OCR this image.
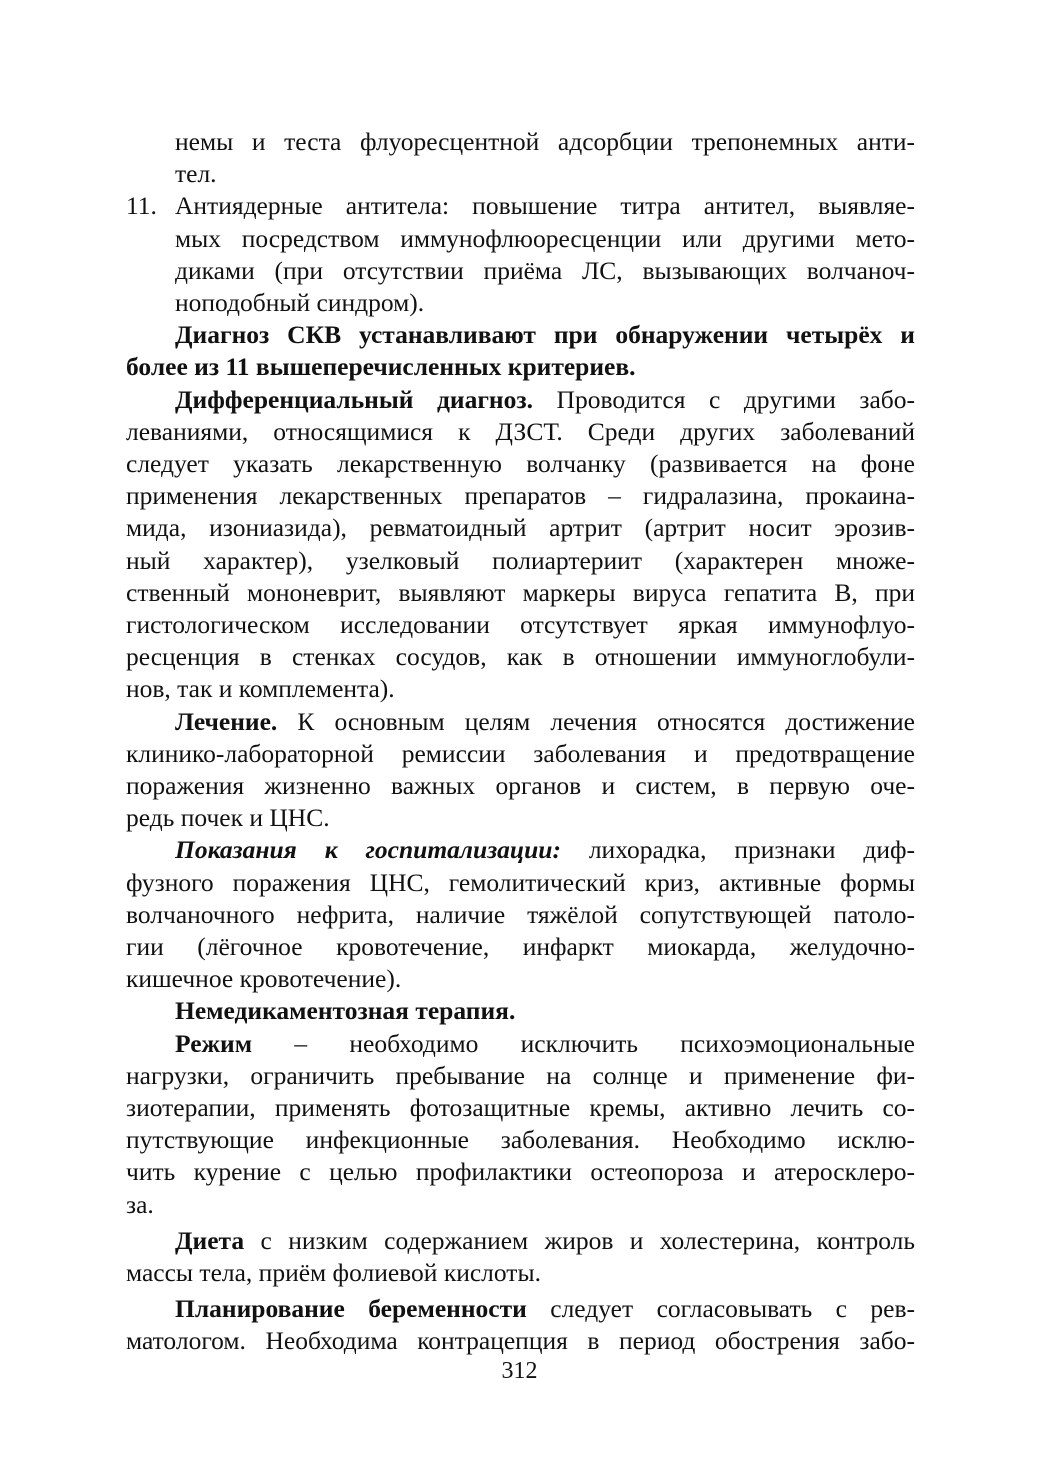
немы и теста флуоресцентной адсорбции трепонемных анти-
тел.
11. Антиядерные антитела: повышение титра антител, выявляе-
мых посредством иммунофлюоресценции или другими мето-
диками (при отсутствии приёма ЛС, вызывающих волчаноч-
ноподобный синдром).
Диагноз СКВ устанавливают при обнаружении четырёх и
более из 11 вышеперечисленных критериев.
Дифференциальный диагноз. Проводится с другими забо-
леваниями, относящимися к ДЗСТ. Среди других заболеваний
следует указать лекарственную волчанку (развивается на фоне
применения лекарственных препаратов – гидралазина, прокаина-
мида, изониазида), ревматоидный артрит (артрит носит эрозив-
ный характер), узелковый полиартериит (характерен множе-
ственный мононеврит, выявляют маркеры вируса гепатита В, при
гистологическом исследовании отсутствует яркая иммунофлуо-
ресценция в стенках сосудов, как в отношении иммуноглобули-
нов, так и комплемента).
Лечение. К основным целям лечения относятся достижение
клинико-лабораторной ремиссии заболевания и предотвращение
поражения жизненно важных органов и систем, в первую оче-
редь почек и ЦНС.
Показания к госпитализации: лихорадка, признаки диф-
фузного поражения ЦНС, гемолитический криз, активные формы
волчаночного нефрита, наличие тяжёлой сопутствующей патоло-
гии (лёгочное кровотечение, инфаркт миокарда, желудочно-
кишечное кровотечение).
Немедикаментозная терапия.
Режим – необходимо исключить психоэмоциональные
нагрузки, ограничить пребывание на солнце и применение фи-
зиотерапии, применять фотозащитные кремы, активно лечить со-
путствующие инфекционные заболевания. Необходимо исклю-
чить курение с целью профилактики остеопороза и атеросклеро-
за.
Диета с низким содержанием жиров и холестерина, контроль
массы тела, приём фолиевой кислоты.
Планирование беременности следует согласовывать с рев-
матологом. Необходима контрацепция в период обострения забо-
312
